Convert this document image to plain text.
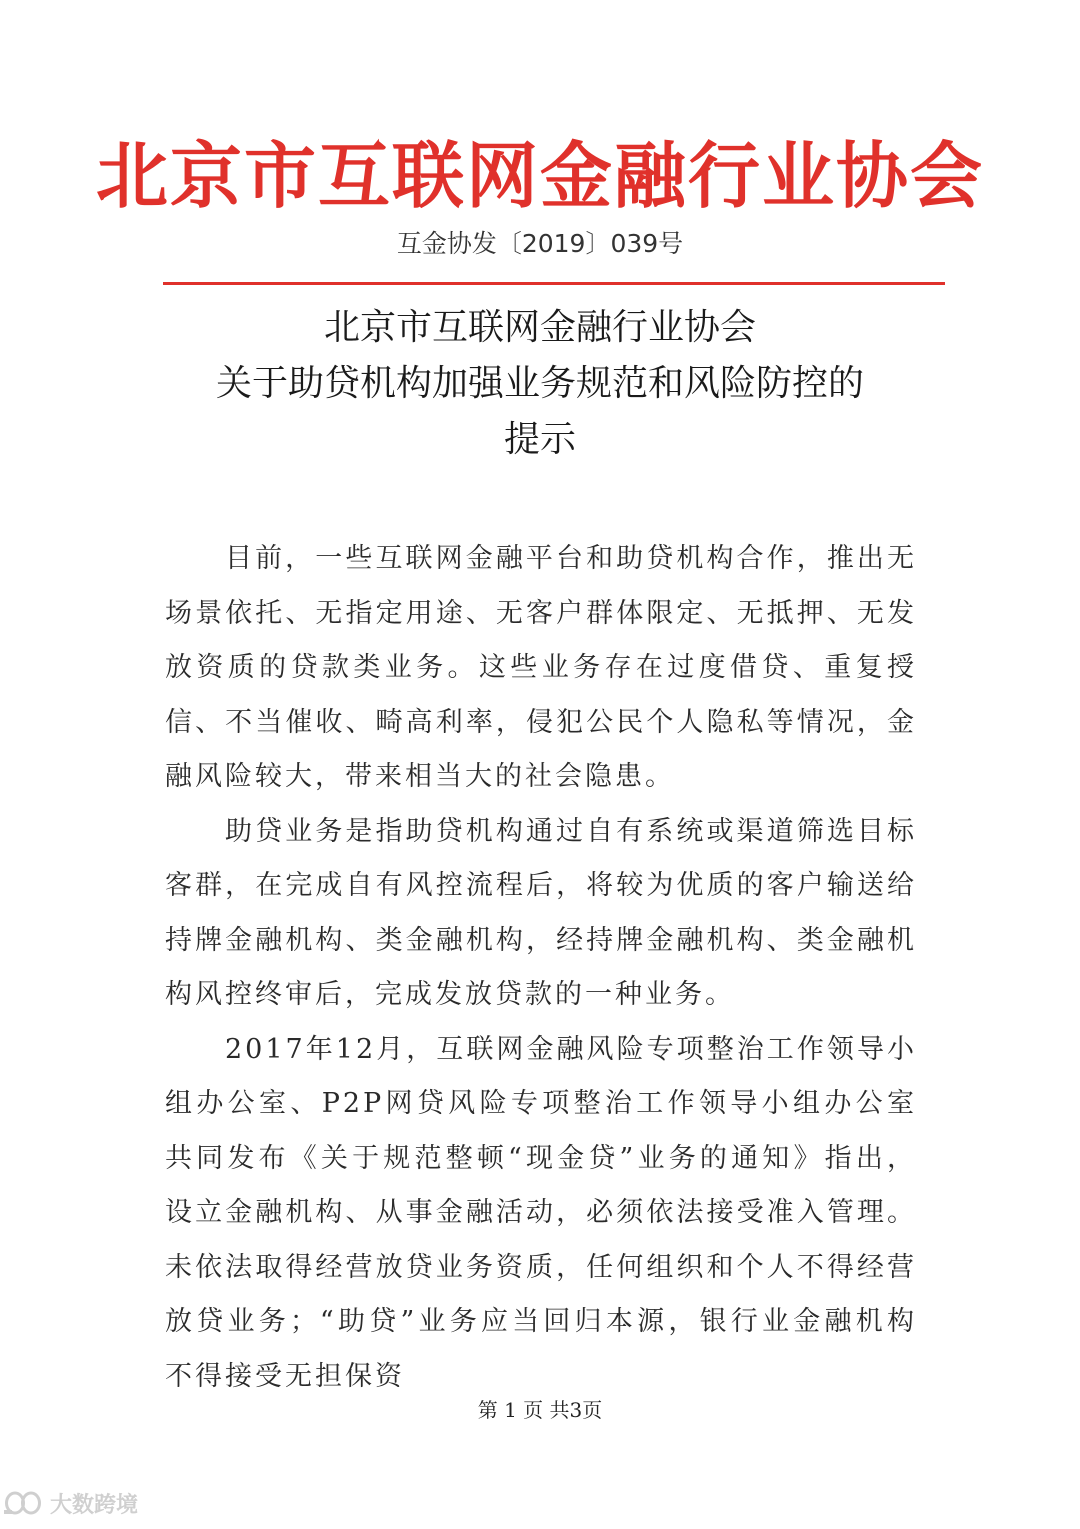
北京市互联网金融行业协会
互金协发〔2019〕039号
北京市互联网金融行业协会
关于助贷机构加强业务规范和风险防控的
提示

目前，一些互联网金融平台和助贷机构合作，推出无场景依托、无指定用途、无客户群体限定、无抵押、无发放资质的贷款类业务。这些业务存在过度借贷、重复授信、不当催收、畸高利率，侵犯公民个人隐私等情况，金融风险较大，带来相当大的社会隐患。

助贷业务是指助贷机构通过自有系统或渠道筛选目标客群，在完成自有风控流程后，将较为优质的客户输送给持牌金融机构、类金融机构，经持牌金融机构、类金融机构风控终审后，完成发放贷款的一种业务。

2017年12月，互联网金融风险专项整治工作领导小组办公室、P2P网贷风险专项整治工作领导小组办公室共同发布《关于规范整顿“现金贷”业务的通知》指出，设立金融机构、从事金融活动，必须依法接受准入管理。未依法取得经营放贷业务资质，任何组织和个人不得经营放贷业务；“助贷”业务应当回归本源，银行业金融机构不得接受无担保资

第 1 页 共3页
大数跨境
